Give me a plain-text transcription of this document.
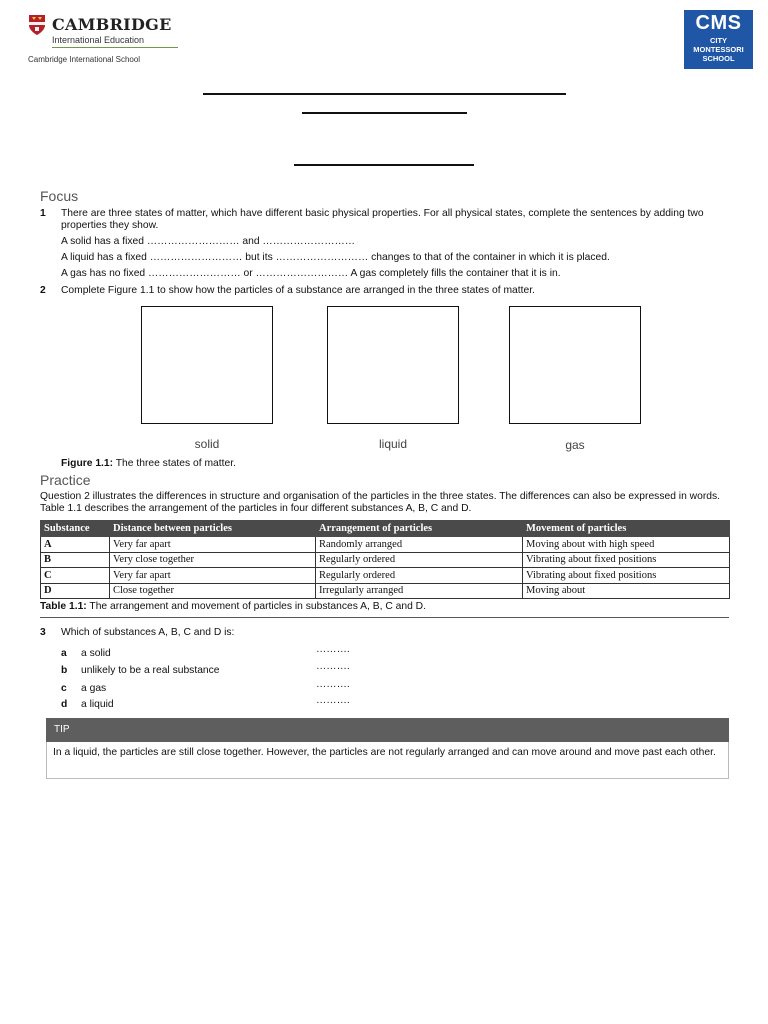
CAMBRIDGE
International Education
Cambridge International School
CMS
CITY
MONTESSORI
SCHOOL
Focus
1 There are three states of matter, which have different basic physical properties. For all physical states, complete the sentences by adding two properties they show.
A solid has a fixed ……………………… and ………………………
A liquid has a fixed ……………………… but its ……………………… changes to that of the container in which it is placed.
A gas has no fixed ……………………… or ……………………… A gas completely fills the container that it is in.
2 Complete Figure 1.1 to show how the particles of a substance are arranged in the three states of matter.
solid	liquid	gas
Figure 1.1: The three states of matter.
Practice
Question 2 illustrates the differences in structure and organisation of the particles in the three states. The differences can also be expressed in words. Table 1.1 describes the arrangement of the particles in four different substances A, B, C and D.
Substance	Distance between particles	Arrangement of particles	Movement of particles
A	Very far apart	Randomly arranged	Moving about with high speed
B	Very close together	Regularly ordered	Vibrating about fixed positions
C	Very far apart	Regularly ordered	Vibrating about fixed positions
D	Close together	Irregularly arranged	Moving about
Table 1.1: The arrangement and movement of particles in substances A, B, C and D.
3 Which of substances A, B, C and D is:
a a solid	……….
b unlikely to be a real substance	……….
c a gas	……….
d a liquid	……….
TIP
In a liquid, the particles are still close together. However, the particles are not regularly arranged and can move around and move past each other.
